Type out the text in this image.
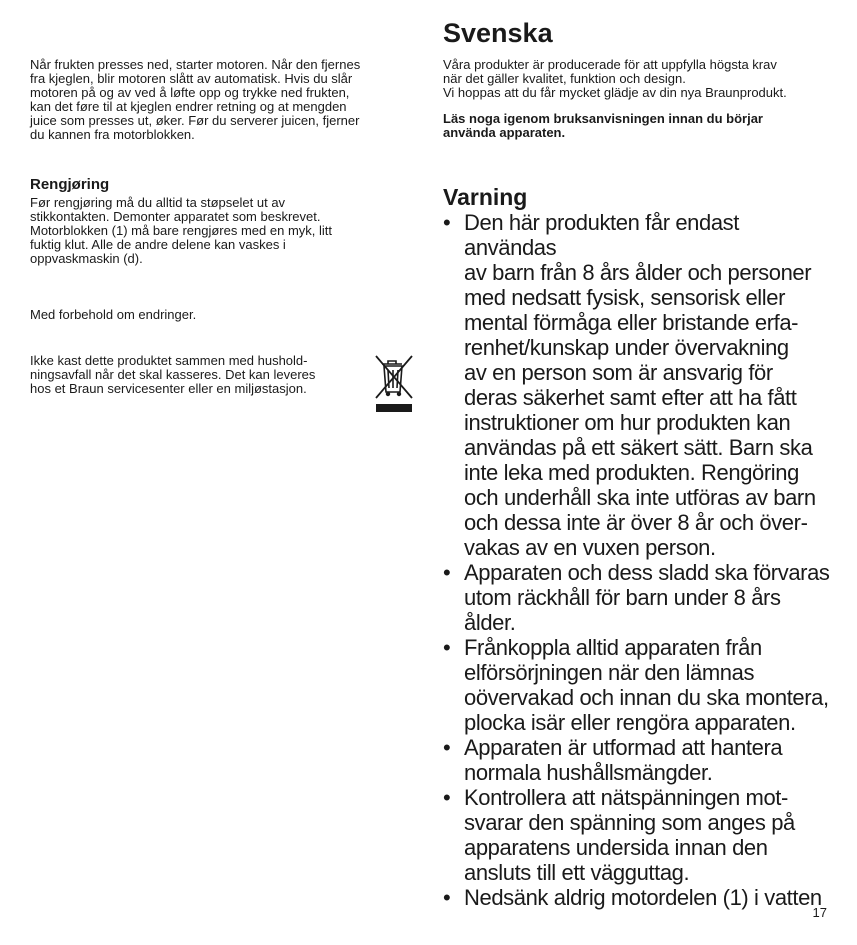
Når frukten presses ned, starter motoren. Når den fjernes

fra kjeglen, blir motoren slått av automatisk. Hvis du slår

motoren på og av ved å løfte opp og trykke ned frukten,

kan det føre til at kjeglen endrer retning og at mengden

juice som presses ut, øker. Før du serverer juicen, fjerner

du kannen fra motorblokken.

Rengjøring

Før rengjøring må du alltid ta støpselet ut av

stikkontakten. Demonter apparatet som beskrevet.

Motorblokken (1) må bare rengjøres med en myk, litt

fuktig klut. Alle de andre delene kan vaskes i

oppvaskmaskin (d).

Med forbehold om endringer.

Ikke kast dette produktet sammen med hushold-

ningsavfall når det skal kasseres. Det kan leveres

hos et Braun servicesenter eller en miljøstasjon.

Svenska

Våra produkter är producerade för att uppfylla högsta krav

när det gäller kvalitet, funktion och design.

Vi hoppas att du får mycket glädje av din nya Braunprodukt.

Läs noga igenom bruksanvisningen innan du börjar

använda apparaten.

Varning
• Den här produkten får endast användas
av barn från 8 års ålder och personer
med nedsatt fysisk, sensorisk eller
mental förmåga eller bristande erfa-
renhet/kunskap under övervakning
av en person som är ansvarig för
deras säkerhet samt efter att ha fått
instruktioner om hur produkten kan
användas på ett säkert sätt. Barn ska
inte leka med produkten. Rengöring
och underhåll ska inte utföras av barn
och dessa inte är över 8 år och över-
vakas av en vuxen person.
• Apparaten och dess sladd ska förvaras
utom räckhåll för barn under 8 års
ålder.
• Frånkoppla alltid apparaten från
elförsörjningen när den lämnas
oövervakad och innan du ska montera,
plocka isär eller rengöra apparaten.
• Apparaten är utformad att hantera
normala hushållsmängder.
• Kontrollera att nätspänningen mot-
svarar den spänning som anges på
apparatens undersida innan den
ansluts till ett vägguttag.
• Nedsänk aldrig motordelen (1) i vatten
17
